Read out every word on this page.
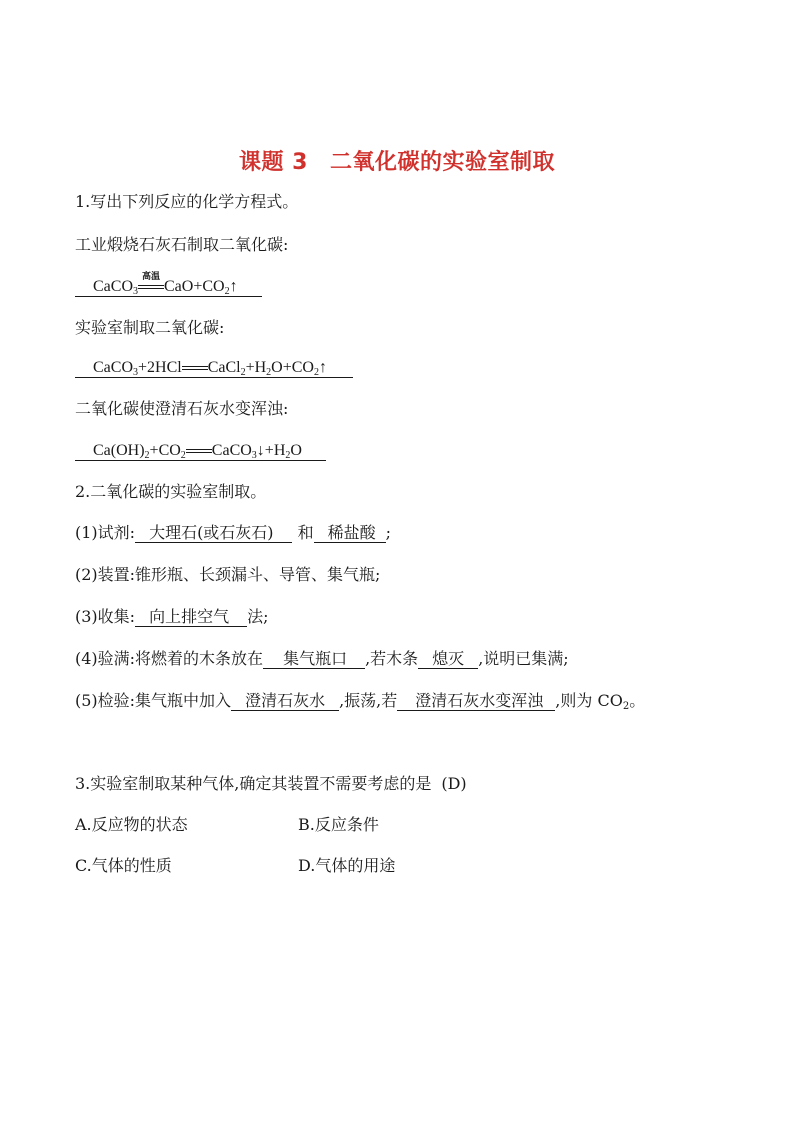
课题 3 二氧化碳的实验室制取
1.写出下列反应的化学方程式。
工业煅烧石灰石制取二氧化碳:
CaCO$_3$
高温
$CaO+CO_2↑$
实验室制取二氧化碳:
CaCO$_3$+2HCl $CaCl_2+H_2O+CO_2↑$
二氧化碳使澄清石灰水变浑浊:
$Ca(OH)_2+CO_2$ $CaCO_3↓+H_2O$
2.二氧化碳的实验室制取。
(1)试剂: 大理石(或石灰石) 和 稀盐酸 ;
(2)装置:锥形瓶、长颈漏斗、导管、集气瓶;
(3)收集: 向上排空气 法;
(4)验满:将燃着的木条放在 集气瓶口 ,若木条 熄灭 ,说明已集满;
(5)检验:集气瓶中加入 澄清石灰水 ,振荡,若 澄清石灰水变浑浊 ,则为 $CO_2$。
3.实验室制取某种气体,确定其装置不需要考虑的是 (D)
A.反应物的状态	B.反应条件
C.气体的性质	D.气体的用途
